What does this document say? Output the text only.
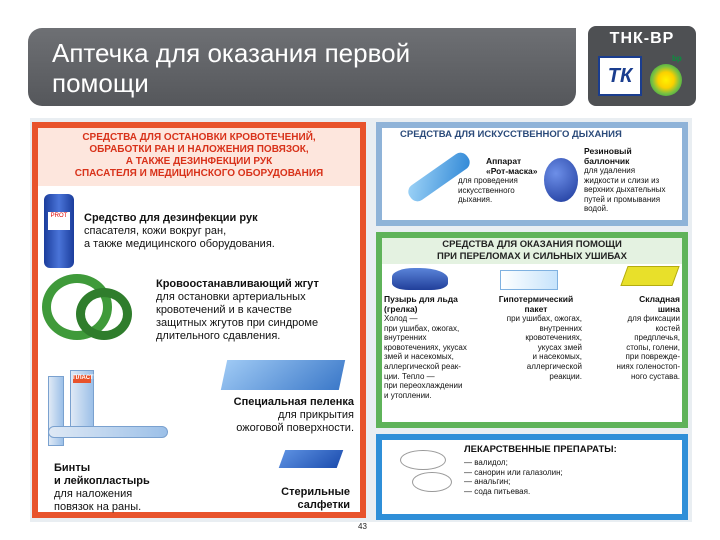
Аптечка для оказания первой
помощи
ТНК-ВР
ТК
bp
СРЕДСТВА ДЛЯ ОСТАНОВКИ КРОВОТЕЧЕНИЙ,
ОБРАБОТКИ РАН И НАЛОЖЕНИЯ ПОВЯЗОК,
А ТАКЖЕ ДЕЗИНФЕКЦИИ РУК
СПАСАТЕЛЯ И МЕДИЦИНСКОГО ОБОРУДОВАНИЯ
PROT Средство для дезинфекции рук
спасателя, кожи вокруг ран,
а также медицинского оборудования.
Кровоостанавливающий жгут
для остановки артериальных
кровотечений и в качестве
защитных жгутов при синдроме
длительного сдавления.
Специальная пеленка
для прикрытия
ожоговой поверхности.
ПЛАСТЫРЬ
Бинты
и лейкопластырь
для наложения
повязок на раны.
Стерильные
салфетки
СРЕДСТВА ДЛЯ ИСКУССТВЕННОГО ДЫХАНИЯ
Аппарат
«Рот-маска»
для проведения
искусственного
дыхания.
Резиновый
баллончик
для удаления
жидкости и слизи из
верхних дыхательных
путей и промывания
водой.
СРЕДСТВА ДЛЯ ОКАЗАНИЯ ПОМОЩИ
ПРИ ПЕРЕЛОМАХ И СИЛЬНЫХ УШИБАХ
Пузырь для льда
(грелка)
Холод —
при ушибах, ожогах,
внутренних
кровотечениях, укусах
змей и насекомых,
аллергической реак-
ции. Тепло —
при переохлаждении
и утоплении.
Гипотермический
пакет
при ушибах, ожогах,
внутренних
кровотечениях,
укусах змей
и насекомых,
аллергической
реакции.
Складная
шина
для фиксации
костей
предплечья,
стопы, голени,
при поврежде-
ниях голеностоп-
ного сустава.
ЛЕКАРСТВЕННЫЕ ПРЕПАРАТЫ:
— валидол;
— санорин или галазолин;
— анальгин;
— сода питьевая.
43
